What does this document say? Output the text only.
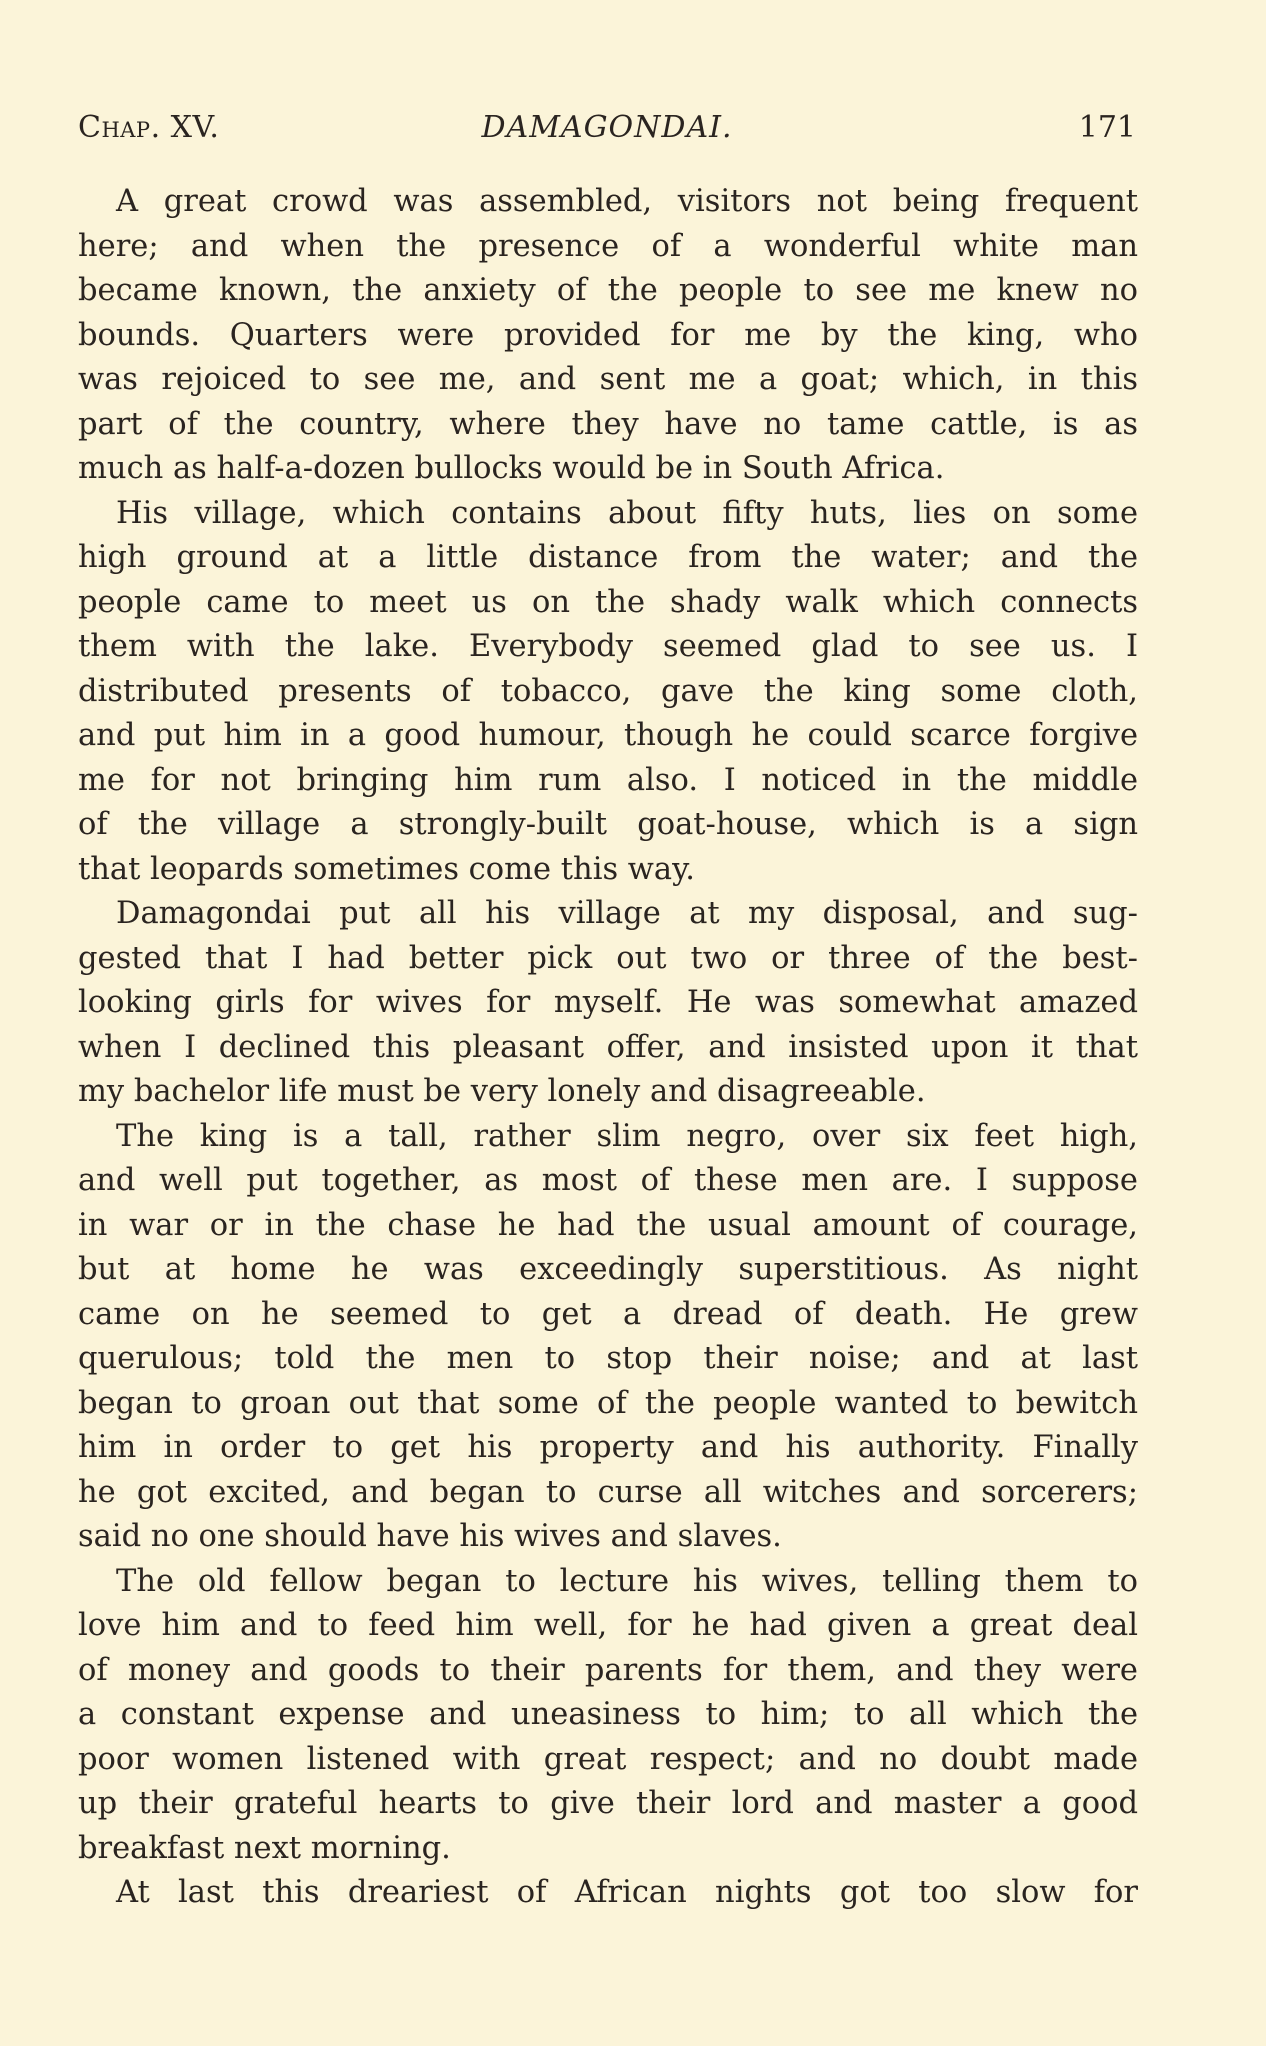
Chap. XV.	DAMAGONDAI.	171
A great crowd was assembled, visitors not being frequent
here; and when the presence of a wonderful white man
became known, the anxiety of the people to see me knew no
bounds. Quarters were provided for me by the king, who
was rejoiced to see me, and sent me a goat; which, in this
part of the country, where they have no tame cattle, is as
much as half-a-dozen bullocks would be in South Africa.
His village, which contains about fifty huts, lies on some
high ground at a little distance from the water; and the
people came to meet us on the shady walk which connects
them with the lake. Everybody seemed glad to see us. I
distributed presents of tobacco, gave the king some cloth,
and put him in a good humour, though he could scarce forgive
me for not bringing him rum also. I noticed in the middle
of the village a strongly-built goat-house, which is a sign
that leopards sometimes come this way.
Damagondai put all his village at my disposal, and sug-
gested that I had better pick out two or three of the best-
looking girls for wives for myself. He was somewhat amazed
when I declined this pleasant offer, and insisted upon it that
my bachelor life must be very lonely and disagreeable.
The king is a tall, rather slim negro, over six feet high,
and well put together, as most of these men are. I suppose
in war or in the chase he had the usual amount of courage,
but at home he was exceedingly superstitious. As night
came on he seemed to get a dread of death. He grew
querulous; told the men to stop their noise; and at last
began to groan out that some of the people wanted to bewitch
him in order to get his property and his authority. Finally
he got excited, and began to curse all witches and sorcerers;
said no one should have his wives and slaves.
The old fellow began to lecture his wives, telling them to
love him and to feed him well, for he had given a great deal
of money and goods to their parents for them, and they were
a constant expense and uneasiness to him; to all which the
poor women listened with great respect; and no doubt made
up their grateful hearts to give their lord and master a good
breakfast next morning.
At last this dreariest of African nights got too slow for
